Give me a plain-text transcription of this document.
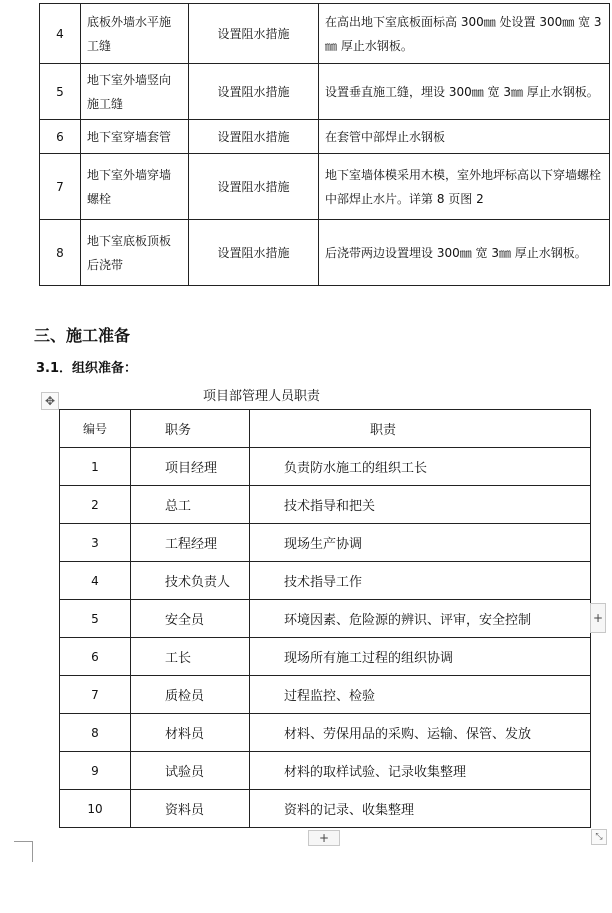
4	底板外墙水平施工缝	设置阻水措施	在高出地下室底板面标高 300㎜ 处设置 300㎜ 宽 3㎜ 厚止水钢板。
5	地下室外墙竖向施工缝	设置阻水措施	设置垂直施工缝，埋设 300㎜ 宽 3㎜ 厚止水钢板。
6	地下室穿墙套管	设置阻水措施	在套管中部焊止水钢板
7	地下室外墙穿墙螺栓	设置阻水措施	地下室墙体模采用木模，室外地坪标高以下穿墙螺栓中部焊止水片。详第 8 页图 2
8	地下室底板顶板后浇带	设置阻水措施	后浇带两边设置埋设 300㎜ 宽 3㎜ 厚止水钢板。
三、施工准备
3.1．组织准备：
✥	项目部管理人员职责
编号	职务	职责
1	项目经理	负责防水施工的组织工长
2	总工	技术指导和把关
3	工程经理	现场生产协调
4	技术负责人	技术指导工作
5	安全员	环境因素、危险源的辨识、评审，安全控制
6	工长	现场所有施工过程的组织协调
7	质检员	过程监控、检验
8	材料员	材料、劳保用品的采购、运输、保管、发放
9	试验员	材料的取样试验、记录收集整理
10	资料员	资料的记录、收集整理
+
+	⤡
